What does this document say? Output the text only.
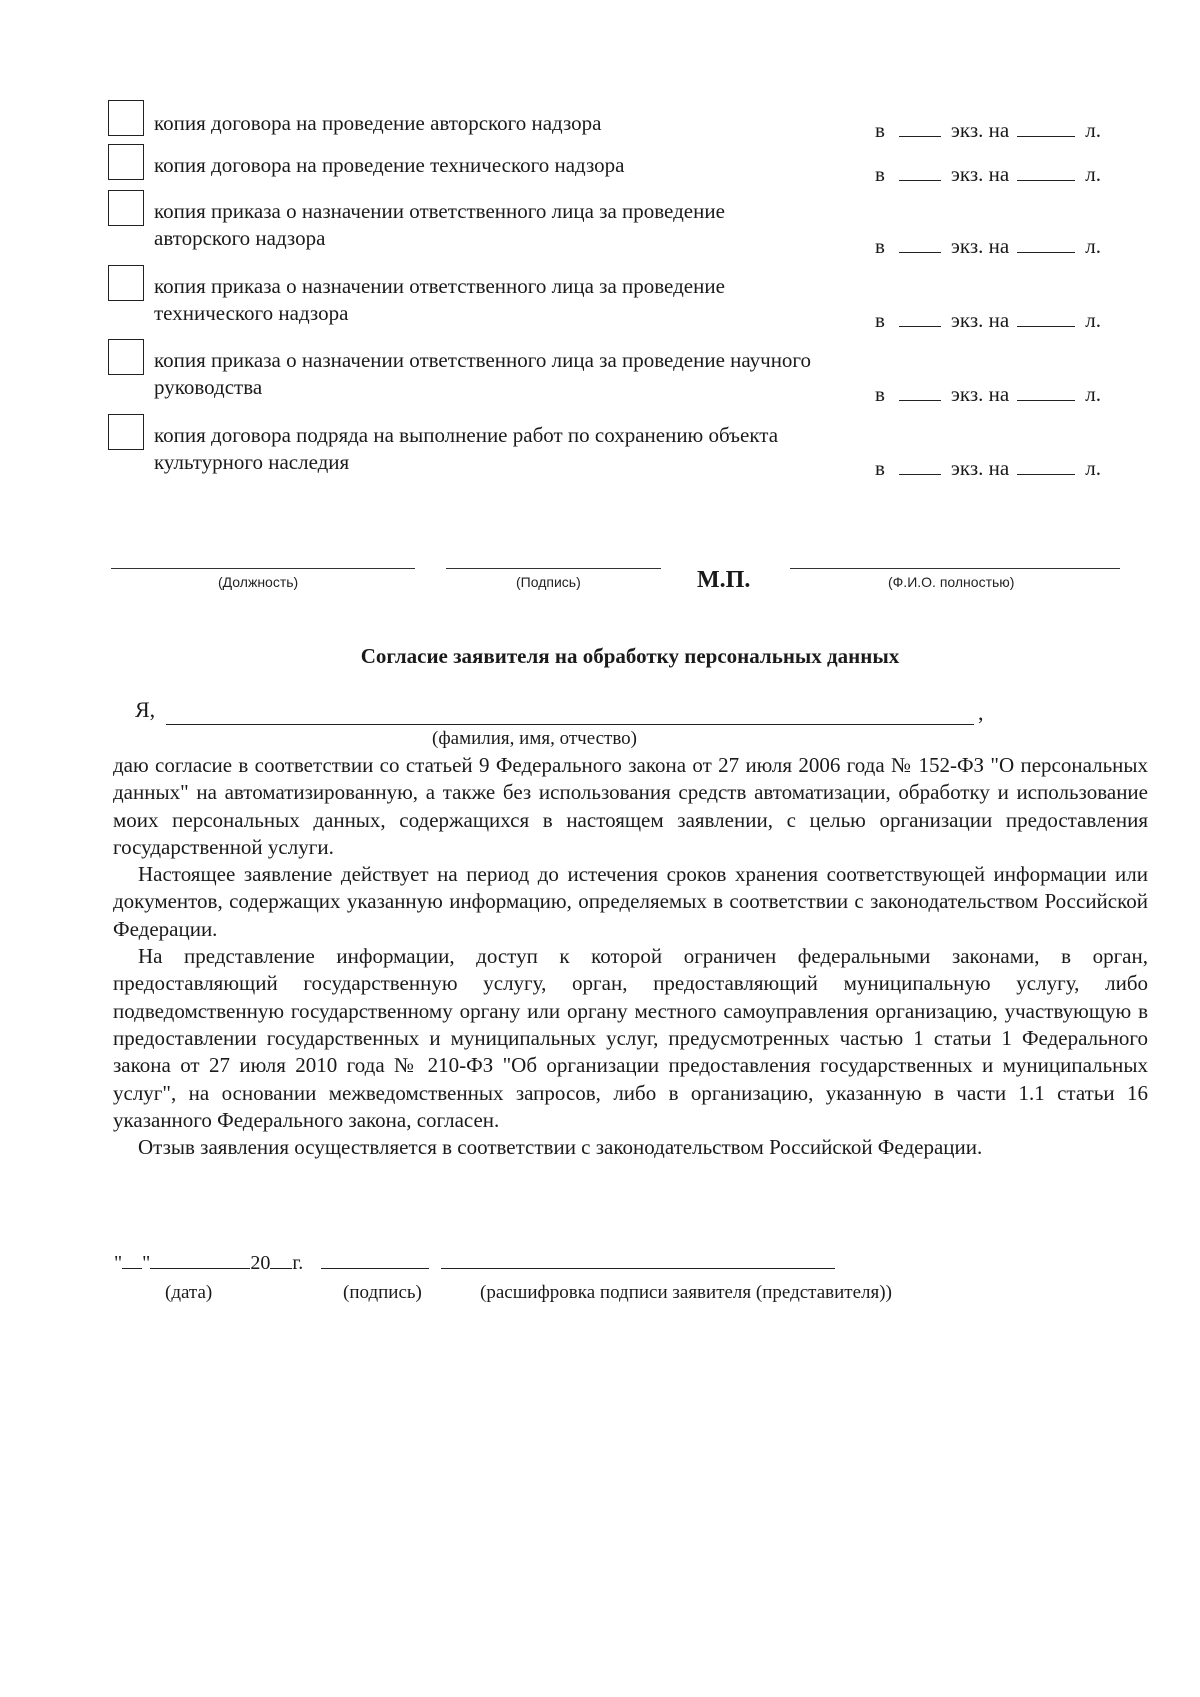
копия договора на проведение авторского надзора	в	экз. на	л.
копия договора на проведение технического надзора	в	экз. на	л.
копия приказа о назначении ответственного лица за проведение авторского надзора	в	экз. на	л.
копия приказа о назначении ответственного лица за проведение технического надзора	в	экз. на	л.
копия приказа о назначении ответственного лица за проведение научного руководства	в	экз. на	л.
копия договора подряда на выполнение работ по сохранению объекта культурного наследия	в	экз. на	л.
(Должность)	(Подпись)	М.П.	(Ф.И.О. полностью)
Согласие заявителя на обработку персональных данных
Я,	,
(фамилия, имя, отчество)

даю согласие в соответствии со статьей 9 Федерального закона от 27 июля 2006 года № 152-ФЗ "О персональных данных" на автоматизированную, а также без использования средств автоматизации, обработку и использование моих персональных данных, содержащихся в настоящем заявлении, с целью организации предоставления государственной услуги.

Настоящее заявление действует на период до истечения сроков хранения соответствующей информации или документов, содержащих указанную информацию, определяемых в соответствии с законодательством Российской Федерации.

На представление информации, доступ к которой ограничен федеральными законами, в орган, предоставляющий государственную услугу, орган, предоставляющий муниципальную услугу, либо подведомственную государственному органу или органу местного самоуправления организацию, участвующую в предоставлении государственных и муниципальных услуг, предусмотренных частью 1 статьи 1 Федерального закона от 27 июля 2010 года № 210-ФЗ "Об организации предоставления государственных и муниципальных услуг", на основании межведомственных запросов, либо в организацию, указанную в части 1.1 статьи 16 указанного Федерального закона, согласен.

Отзыв заявления осуществляется в соответствии с законодательством Российской Федерации.

" "	20 г.
(дата)	(подпись)	(расшифровка подписи заявителя (представителя))
